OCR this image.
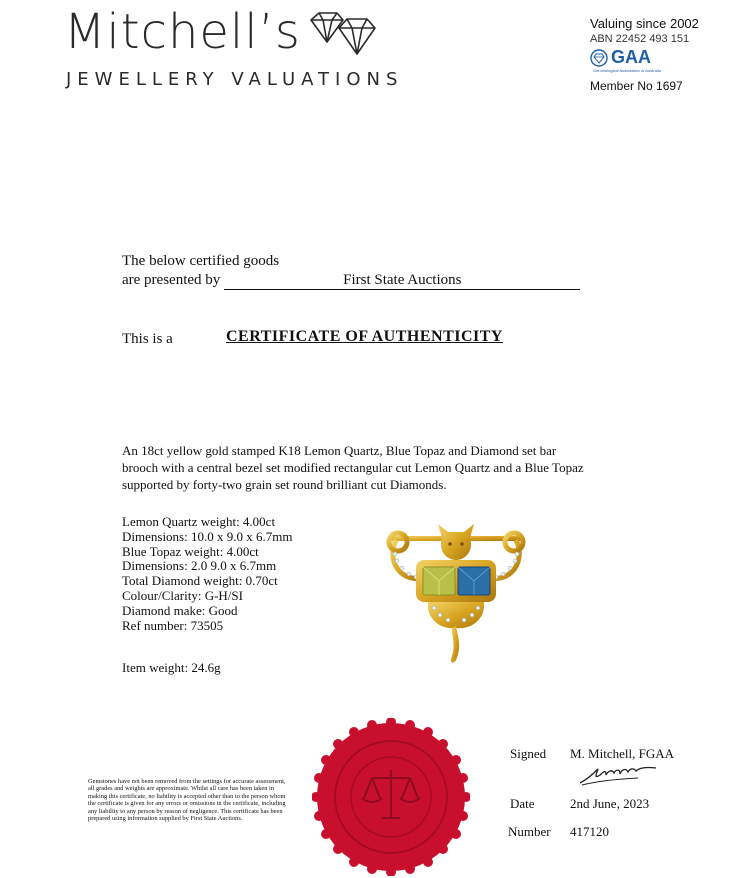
Mitchell’s
JEWELLERY VALUATIONS
Valuing since 2002
ABN 22452 493 151
GAA
Gemmological Association of Australia
Member No 1697
The below certified goods
are presented by	First State Auctions
This is a	CERTIFICATE OF AUTHENTICITY
An 18ct yellow gold stamped K18 Lemon Quartz, Blue Topaz and Diamond set bar brooch with a central bezel set modified rectangular cut Lemon Quartz and a Blue Topaz supported by forty-two grain set round brilliant cut Diamonds.
Lemon Quartz weight: 4.00ct
Dimensions: 10.0 x 9.0 x 6.7mm
Blue Topaz weight: 4.00ct
Dimensions: 2.0 9.0 x 6.7mm
Total Diamond weight: 0.70ct
Colour/Clarity: G-H/SI
Diamond make: Good
Ref number: 73505
Item weight: 24.6g
Gemstones have not been removed from the settings for accurate assessment, all grades and weights are approximate. Whilst all care has been taken in making this certificate, no liability is accepted other than to the person whom the certificate is given for any errors or omissions in the certificate, including any liability to any person by reason of negligence. This certificate has been prepared using information supplied by First State Auctions.
Signed M. Mitchell, FGAA
Date	2nd June, 2023
Number 417120
